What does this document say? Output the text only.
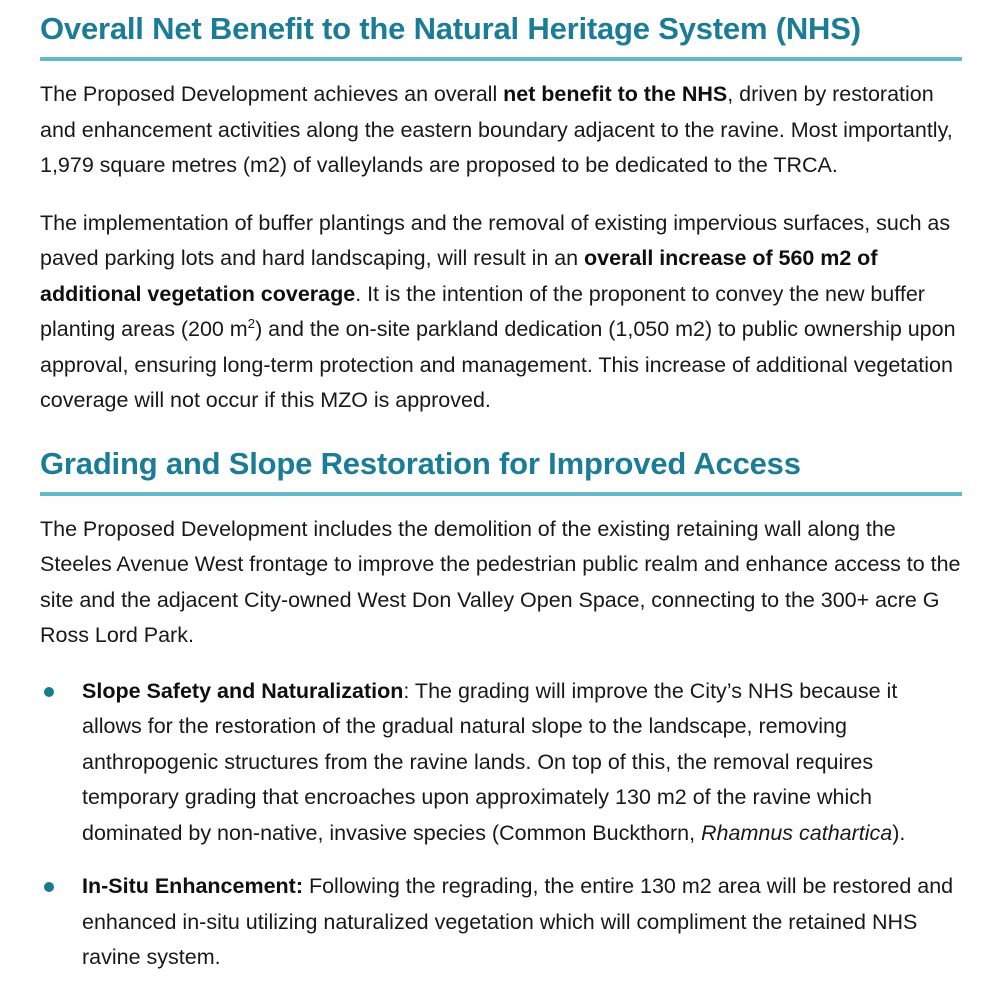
Overall Net Benefit to the Natural Heritage System (NHS)

The Proposed Development achieves an overall net benefit to the NHS, driven by restoration and enhancement activities along the eastern boundary adjacent to the ravine. Most importantly, 1,979 square metres (m2) of valleylands are proposed to be dedicated to the TRCA.

The implementation of buffer plantings and the removal of existing impervious surfaces, such as paved parking lots and hard landscaping, will result in an overall increase of 560 m2 of additional vegetation coverage. It is the intention of the proponent to convey the new buffer planting areas (200 $m^2$) and the on-site parkland dedication (1,050 m2) to public ownership upon approval, ensuring long-term protection and management. This increase of additional vegetation coverage will not occur if this MZO is approved.

Grading and Slope Restoration for Improved Access

The Proposed Development includes the demolition of the existing retaining wall along the Steeles Avenue West frontage to improve the pedestrian public realm and enhance access to the site and the adjacent City-owned West Don Valley Open Space, connecting to the 300+ acre G Ross Lord Park.

Slope Safety and Naturalization: The grading will improve the City’s NHS because it allows for the restoration of the gradual natural slope to the landscape, removing anthropogenic structures from the ravine lands. On top of this, the removal requires temporary grading that encroaches upon approximately 130 m2 of the ravine which dominated by non-native, invasive species (Common Buckthorn, Rhamnus cathartica).
In-Situ Enhancement: Following the regrading, the entire 130 m2 area will be restored and enhanced in-situ utilizing naturalized vegetation which will compliment the retained NHS ravine system.
